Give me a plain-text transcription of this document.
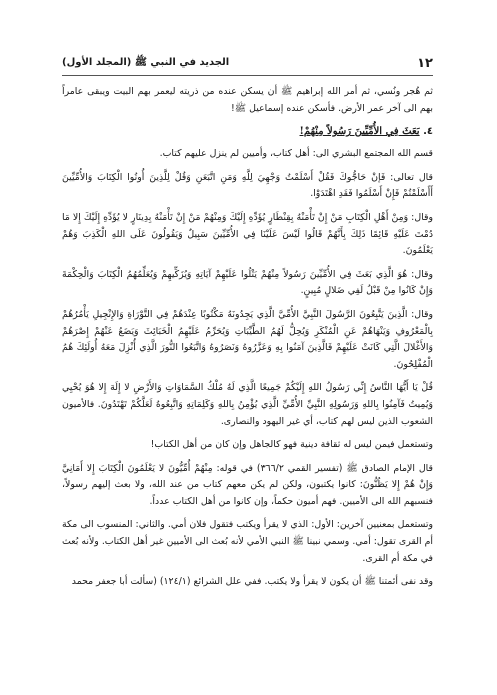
١٢
الجديد في النبي ﷺ (المجلد الأول)

ثم هُجر ونُسي، ثم أمر الله إبراهيم ﷺ أن يسكن عنده من ذريته ليعمر بهم البيت ويبقى عامراً بهم الى آخر عمر الأرض. فأسكن عنده إسماعيل ﷺ!

٤. بَعَثَ فِي الأُمِّيِّينَ رَسُولاً مِنْهُمْ!

قسم الله المجتمع البشري الى: أهل كتاب، وأميين لم ينزل عليهم كتاب.

قال تعالى: فَإنْ حَاجُّوكَ فَقُلْ أَسْلَمْتُ وَجْهِيَ لِلَّهِ وَمَنِ اتَّبَعَنِ وَقُلْ لِلَّذِينَ أُوتُوا الْكِتَابَ وَالأُمِّيِّينَ أَأَسْلَمْتُمْ فَإِنْ أَسْلَمُوا فَقَدِ اهْتَدَوْا.

وقال: وَمِنْ أَهْلِ الْكِتَابِ مَنْ إِنْ تَأْمَنْهُ بِقِنْطَارٍ يُؤَدِّهِ إِلَيْكَ وَمِنْهُمْ مَنْ إِنْ تَأْمَنْهُ بِدِينَارٍ لا يُؤَدِّهِ إِلَيْكَ إِلا مَا دُمْتَ عَلَيْهِ قَائِمًا ذَلِكَ بِأَنَّهُمْ قَالُوا لَيْسَ عَلَيْنَا فِي الأُمِّيِّينَ سَبِيلٌ وَيَقُولُونَ عَلَى اللهِ الْكَذِبَ وَهُمْ يَعْلَمُونَ.

وقال: هُوَ الَّذِي بَعَثَ فِي الأُمِّيِّينَ رَسُولاً مِنْهُمْ يَتْلُوا عَلَيْهِمْ آيَاتِهِ وَيُزَكِّيهِمْ وَيُعَلِّمُهُمُ الْكِتَابَ وَالْحِكْمَةَ وَإِنْ كَانُوا مِنْ قَبْلُ لَفِي ضَلالٍ مُبِينٍ.

وقال: الَّذِينَ يَتَّبِعُونَ الرَّسُولَ النَّبِيَّ الأُمِّيَّ الَّذِي يَجِدُونَهُ مَكْتُوبًا عِنْدَهُمْ فِي التَّوْرَاةِ وَالإِنْجِيلِ يَأْمُرُهُمْ بِالْمَعْرُوفِ وَيَنْهَاهُمْ عَنِ الْمُنْكَرِ وَيُحِلُّ لَهُمُ الطَّيِّبَاتِ وَيُحَرِّمُ عَلَيْهِمُ الْخَبَائِثَ وَيَضَعُ عَنْهُمْ إِصْرَهُمْ وَالأَغْلالَ الَّتِي كَانَتْ عَلَيْهِمْ فَالَّذِينَ آمَنُوا بِهِ وَعَزَّرُوهُ وَنَصَرُوهُ وَاتَّبَعُوا النُّورَ الَّذِي أُنْزِلَ مَعَهُ أُولَئِكَ هُمُ الْمُفْلِحُونَ.

قُلْ يَا أَيُّهَا النَّاسُ إِنِّي رَسُولُ اللهِ إِلَيْكُمْ جَمِيعًا الَّذِي لَهُ مُلْكُ السَّمَاوَاتِ وَالأَرْضِ لا إِلَهَ إِلا هُوَ يُحْيِي وَيُمِيتُ فَآمِنُوا بِاللهِ وَرَسُولِهِ النَّبِيِّ الأُمِّيِّ الَّذِي يُؤْمِنُ بِاللهِ وَكَلِمَاتِهِ وَاتَّبِعُوهُ لَعَلَّكُمْ تَهْتَدُونَ. فالأميون الشعوب الذين ليس لهم كتاب، أي غير اليهود والنصارى.

وتستعمل فيمن ليس له ثقافة دينية فهو كالجاهل وإن كان من أهل الكتاب!

قال الإمام الصادق ﷺ (تفسير القمي ٣٦٦/٢) في قوله: مِنْهُمْ أُمِّيُّونَ لا يَعْلَمُونَ الْكِتَابَ إِلا أَمَانِيَّ وَإِنْ هُمْ إِلا يَظُنُّونَ: كانوا يكتبون، ولكن لم يكن معهم كتاب من عند الله، ولا بعث إليهم رسولاً، فنسبهم الله الى الأميين. فهم أميون حكماً، وإن كانوا من أهل الكتاب عدداً.

وتستعمل بمعنيين آخرين: الأول: الذي لا يقرأ ويكتب فتقول فلان أمي. والثاني: المنسوب الى مكة أم القرى تقول: أمي. وسمي نبينا ﷺ النبي الأمي لأنه بُعث الى الأميين غير أهل الكتاب. ولأنه بُعث في مكة أم القرى.

وقد نفى أئمتنا ﷺ أن يكون لا يقرأ ولا يكتب. ففي علل الشرائع (١٢٤/١) (سألت أبا جعفر محمد
